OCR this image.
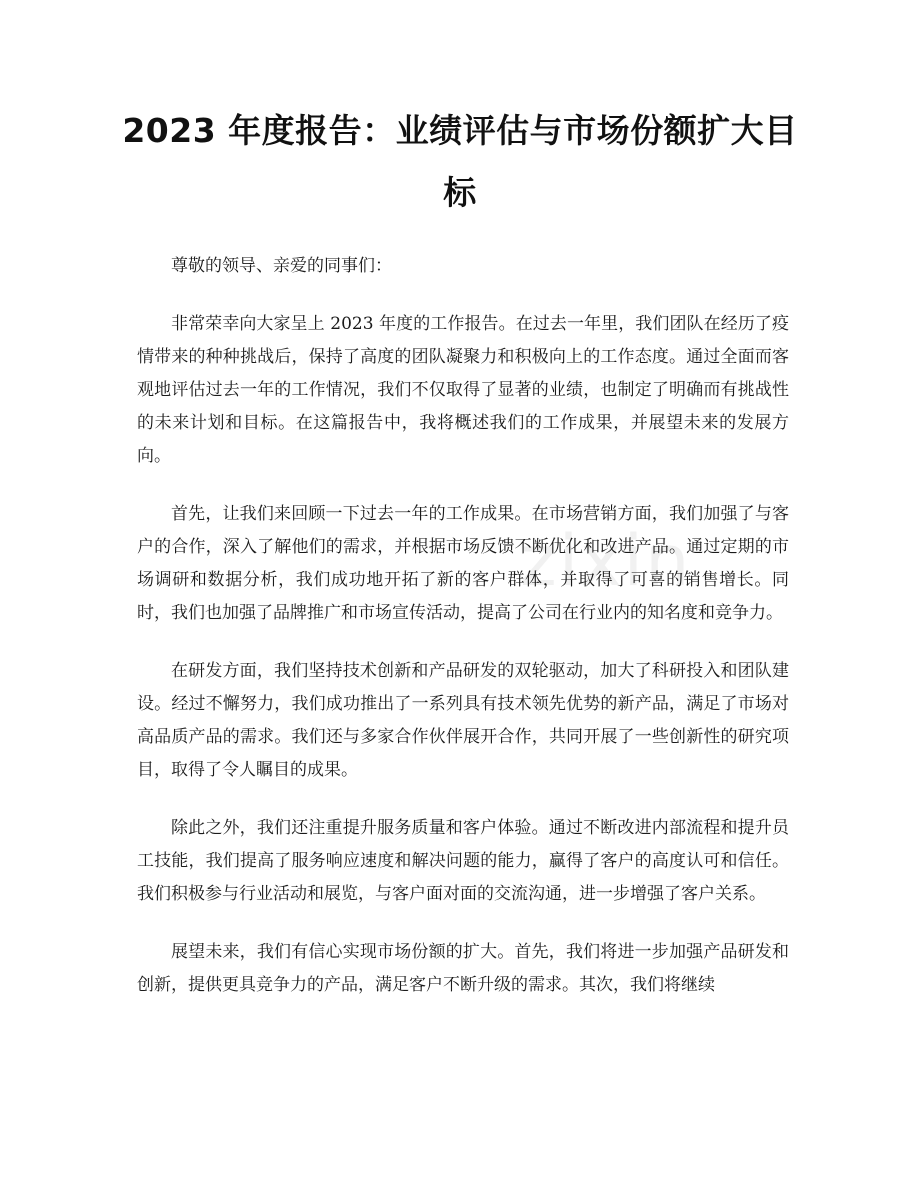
2023 年度报告：业绩评估与市场份额扩大目标

尊敬的领导、亲爱的同事们：

非常荣幸向大家呈上 2023 年度的工作报告。在过去一年里，我们团队在经历了疫情带来的种种挑战后，保持了高度的团队凝聚力和积极向上的工作态度。通过全面而客观地评估过去一年的工作情况，我们不仅取得了显著的业绩，也制定了明确而有挑战性的未来计划和目标。在这篇报告中，我将概述我们的工作成果，并展望未来的发展方向。

首先，让我们来回顾一下过去一年的工作成果。在市场营销方面，我们加强了与客户的合作，深入了解他们的需求，并根据市场反馈不断优化和改进产品。通过定期的市场调研和数据分析，我们成功地开拓了新的客户群体，并取得了可喜的销售增长。同时，我们也加强了品牌推广和市场宣传活动，提高了公司在行业内的知名度和竞争力。

在研发方面，我们坚持技术创新和产品研发的双轮驱动，加大了科研投入和团队建设。经过不懈努力，我们成功推出了一系列具有技术领先优势的新产品，满足了市场对高品质产品的需求。我们还与多家合作伙伴展开合作，共同开展了一些创新性的研究项目，取得了令人瞩目的成果。

除此之外，我们还注重提升服务质量和客户体验。通过不断改进内部流程和提升员工技能，我们提高了服务响应速度和解决问题的能力，赢得了客户的高度认可和信任。我们积极参与行业活动和展览，与客户面对面的交流沟通，进一步增强了客户关系。

展望未来，我们有信心实现市场份额的扩大。首先，我们将进一步加强产品研发和创新，提供更具竞争力的产品，满足客户不断升级的需求。其次，我们将继续

zixin
